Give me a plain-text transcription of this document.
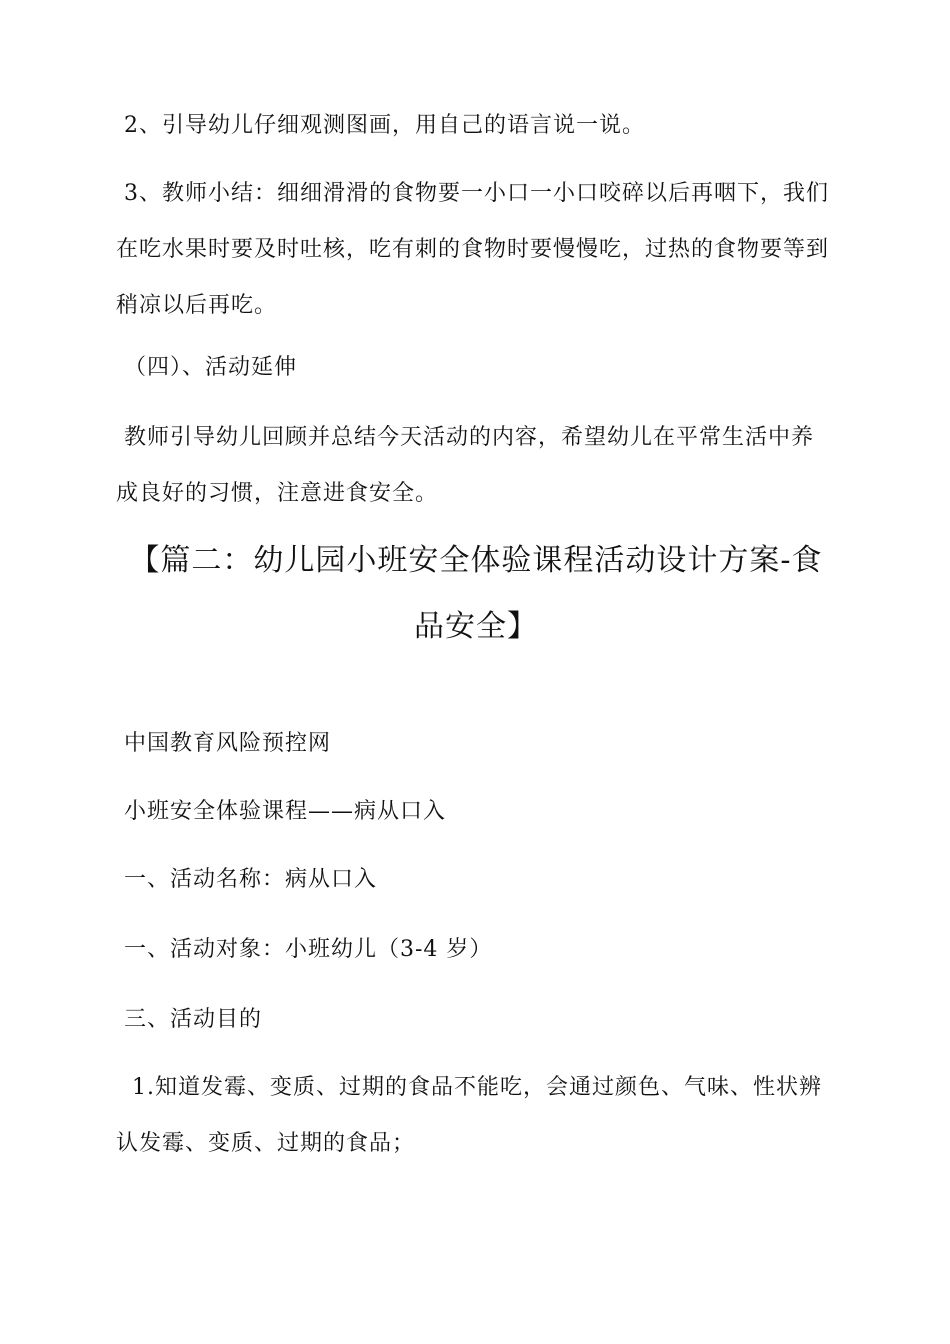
2、引导幼儿仔细观测图画，用自己的语言说一说。

3、教师小结：细细滑滑的食物要一小口一小口咬碎以后再咽下，我们在吃水果时要及时吐核，吃有刺的食物时要慢慢吃，过热的食物要等到稍凉以后再吃。

（四）、活动延伸

教师引导幼儿回顾并总结今天活动的内容，希望幼儿在平常生活中养成良好的习惯，注意进食安全。

【篇二：幼儿园小班安全体验课程活动设计方案-食品安全】

中国教育风险预控网

小班安全体验课程——病从口入

一、活动名称：病从口入

一、活动对象：小班幼儿（3-4 岁）

三、活动目的

1.知道发霉、变质、过期的食品不能吃，会通过颜色、气味、性状辨认发霉、变质、过期的食品；
